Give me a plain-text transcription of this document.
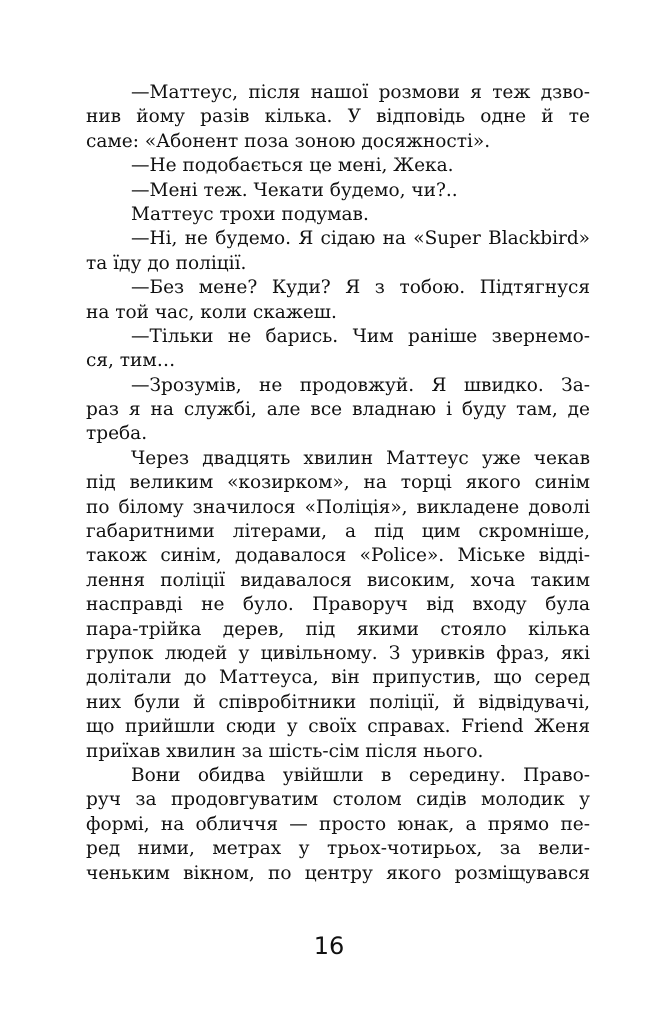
—Маттеус, після нашої розмови я теж дзво-
нив йому разів кілька. У відповідь одне й те
саме: «Абонент поза зоною досяжності».
—Не подобається це мені, Жека.
—Мені теж. Чекати будемо, чи?..
Маттеус трохи подумав.
—Ні, не будемо. Я сідаю на «Super Blackbird»
та їду до поліції.
—Без мене? Куди? Я з тобою. Підтягнуся
на той час, коли скажеш.
—Тільки не барись. Чим раніше звернемо-
ся, тим…
—Зрозумів, не продовжуй. Я швидко. За-
раз я на службі, але все владнаю і буду там, де
треба.
Через двадцять хвилин Маттеус уже чекав
під великим «козирком», на торці якого синім
по білому значилося «Поліція», викладене доволі
габаритними літерами, а під цим скромніше,
також синім, додавалося «Police». Міське відді-
лення поліції видавалося високим, хоча таким
насправді не було. Праворуч від входу була
пара-трійка дерев, під якими стояло кілька
групок людей у цивільному. З уривків фраз, які
долітали до Маттеуса, він припустив, що серед
них були й співробітники поліції, й відвідувачі,
що прийшли сюди у своїх справах. Friend Женя
приїхав хвилин за шість-сім після нього.
Вони обидва увійшли в середину. Право-
руч за продовгуватим столом сидів молодик у
формі, на обличчя — просто юнак, а прямо пе-
ред ними, метрах у трьох-чотирьох, за вели-
ченьким вікном, по центру якого розміщувався
16
